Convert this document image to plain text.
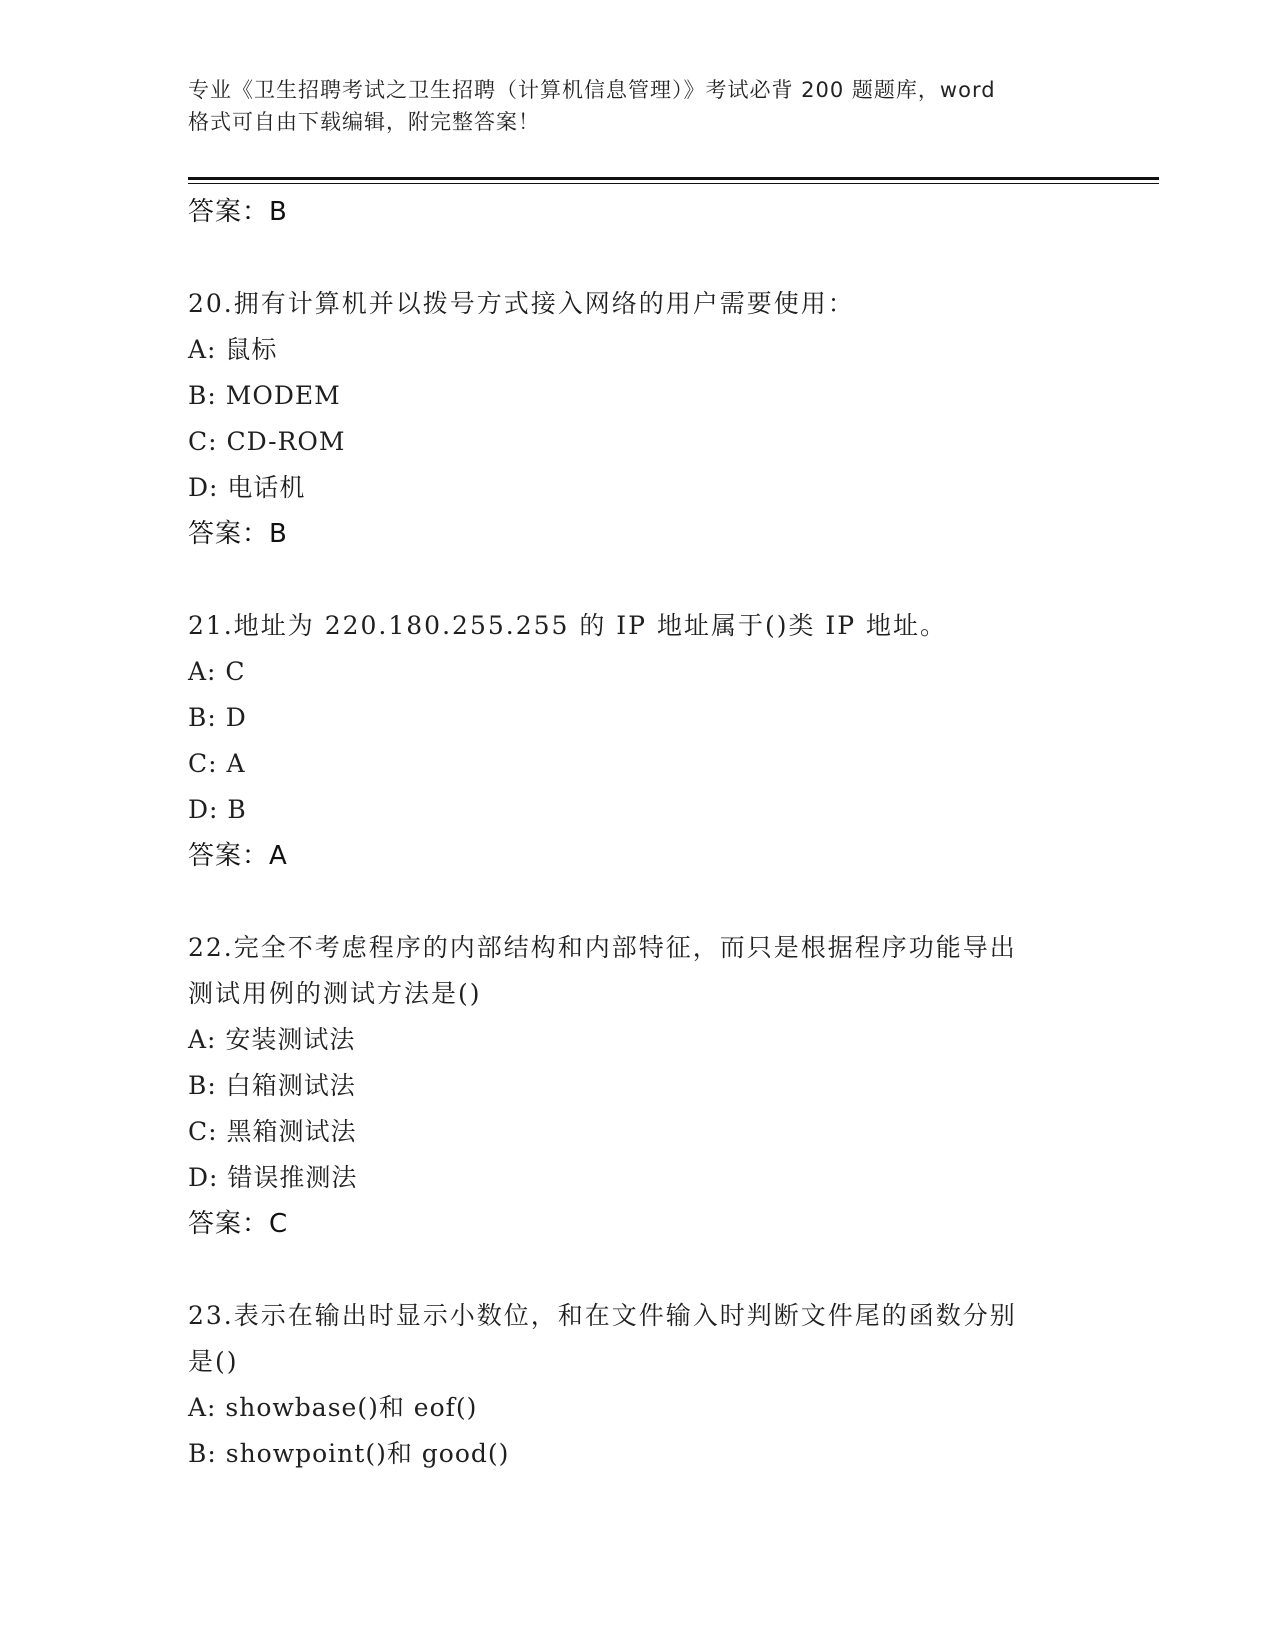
专业《卫生招聘考试之卫生招聘（计算机信息管理）》考试必背 200 题题库，word
格式可自由下载编辑，附完整答案！

答案：B

20.拥有计算机并以拨号方式接入网络的用户需要使用：

A: 鼠标

B: MODEM

C: CD-ROM

D: 电话机

答案：B

21.地址为 220.180.255.255 的 IP 地址属于()类 IP 地址。

A: C

B: D

C: A

D: B

答案：A

22.完全不考虑程序的内部结构和内部特征，而只是根据程序功能导出

测试用例的测试方法是()

A: 安装测试法

B: 白箱测试法

C: 黑箱测试法

D: 错误推测法

答案：C

23.表示在输出时显示小数位，和在文件输入时判断文件尾的函数分别

是()

A: showbase()和 eof()

B: showpoint()和 good()
